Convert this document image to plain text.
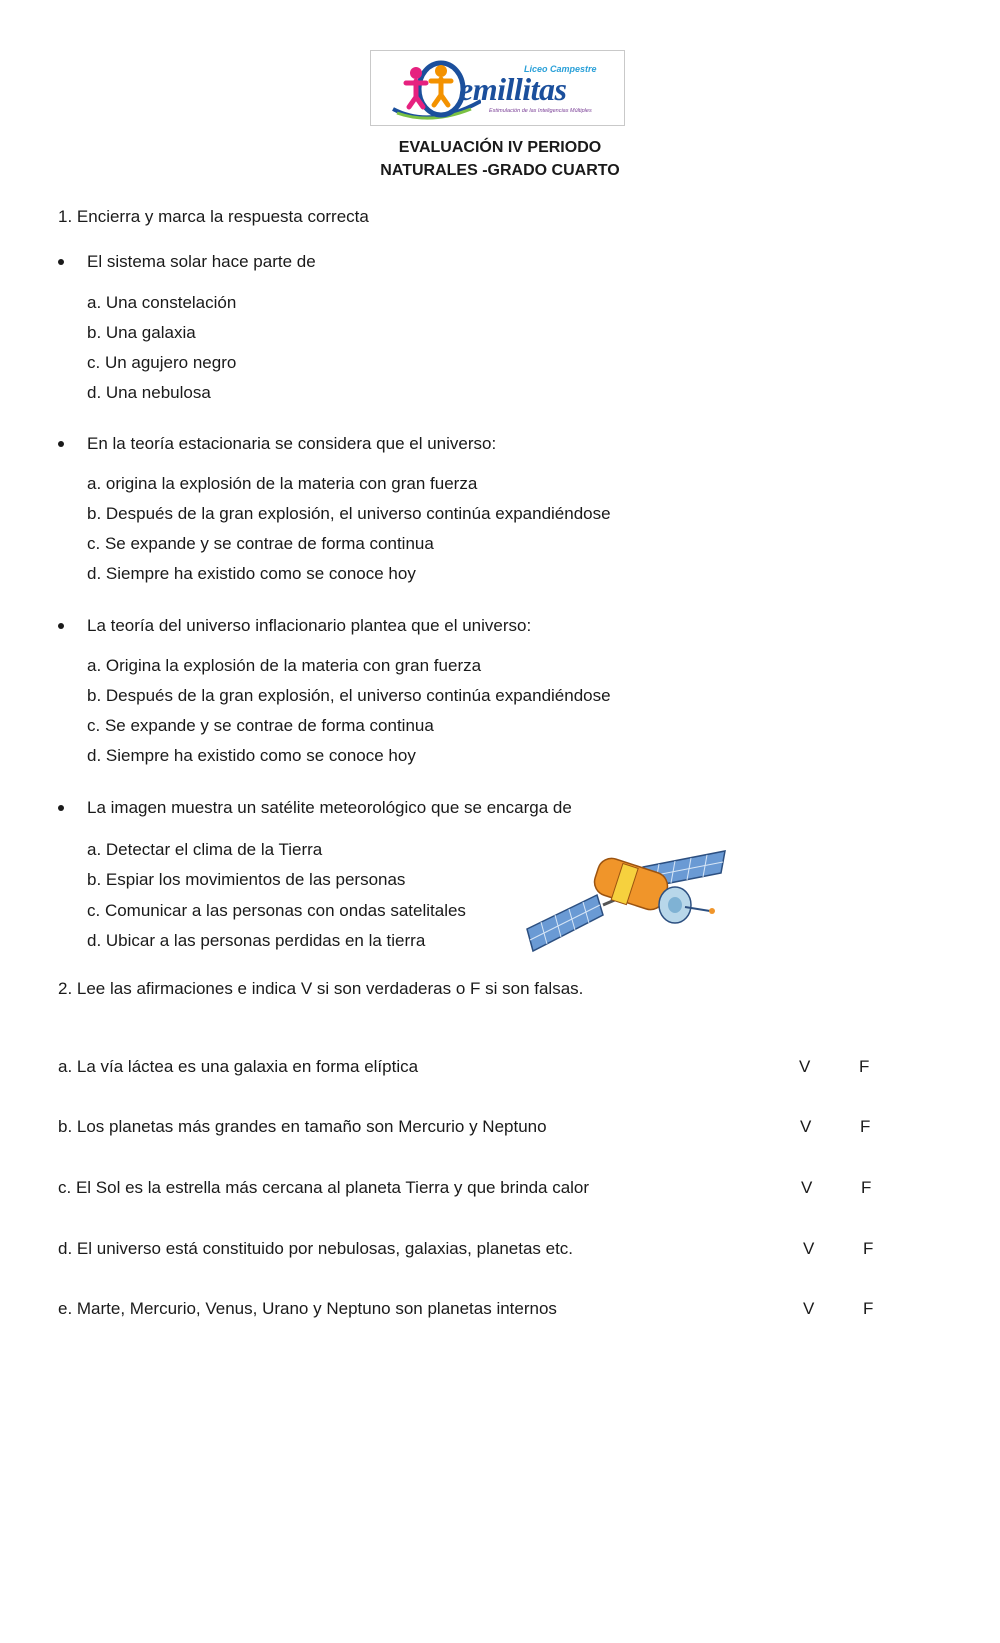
Liceo Campestre
emillitas
Estimulación de las Inteligencias Múltiples
EVALUACIÓN IV PERIODO
NATURALES -GRADO CUARTO
1. Encierra y marca la respuesta correcta
El sistema solar hace parte de
a. Una constelación
b. Una galaxia
c. Un agujero negro
d. Una nebulosa
En la teoría estacionaria se considera que el universo:
a. origina la explosión de la materia con gran fuerza
b. Después de la gran explosión, el universo continúa expandiéndose
c. Se expande y se contrae de forma continua
d. Siempre ha existido como se conoce hoy
La teoría del universo inflacionario plantea que el universo:
a. Origina la explosión de la materia con gran fuerza
b. Después de la gran explosión, el universo continúa expandiéndose
c. Se expande y se contrae de forma continua
d. Siempre ha existido como se conoce hoy
La imagen muestra un satélite meteorológico que se encarga de
a. Detectar el clima de la Tierra
b. Espiar los movimientos de las personas
c. Comunicar a las personas con ondas satelitales
d. Ubicar a las personas perdidas en la tierra
2. Lee las afirmaciones e indica V si son verdaderas o F si son falsas.
a. La vía láctea es una galaxia en forma elíptica	V	F
b. Los planetas más grandes en tamaño son Mercurio y Neptuno	V	F
c. El Sol es la estrella más cercana al planeta Tierra y que brinda calor	V	F
d. El universo está constituido por nebulosas, galaxias, planetas etc.	V	F
e. Marte, Mercurio, Venus, Urano y Neptuno son planetas internos	V	F
